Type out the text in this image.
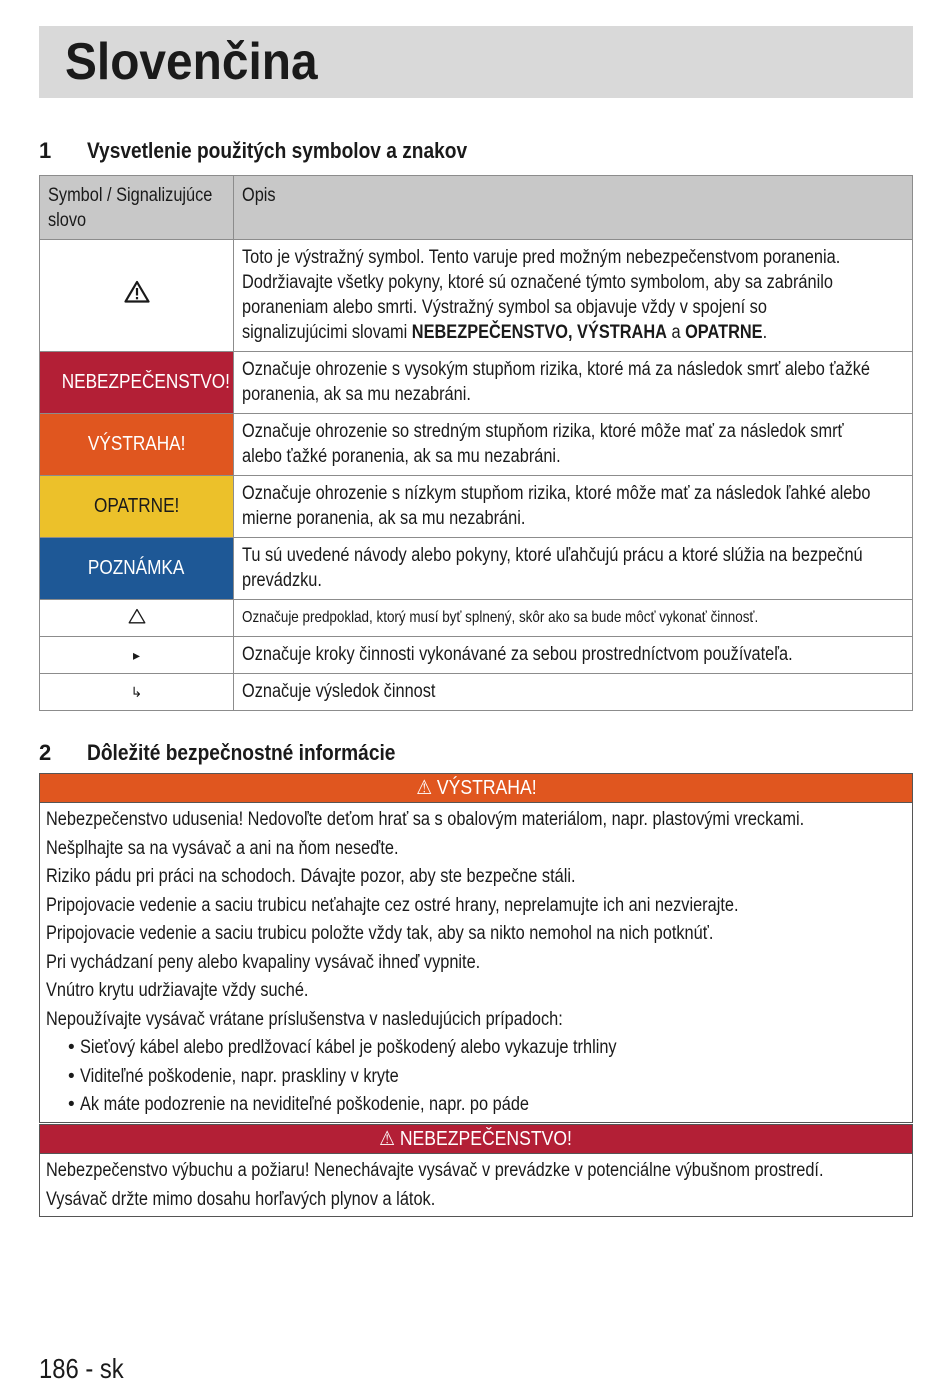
Slovenčina
1 Vysvetlenie použitých symbolov a znakov
Symbol / Signalizujúce slovo	Opis

Toto je výstražný symbol. Tento varuje pred možným nebezpečenstvom poranenia. Dodržiavajte všetky pokyny, ktoré sú označené týmto symbolom, aby sa zabránilo poraneniam alebo smrti. Výstražný symbol sa objavuje vždy v spojení so signalizujúcimi slovami NEBEZPEČENSTVO, VÝSTRAHA a OPATRNE.

NEBEZPEČENSTVO!	Označuje ohrozenie s vysokým stupňom rizika, ktoré má za následok smrť alebo ťažké poranenia, ak sa mu nezabráni.

VÝSTRAHA!	Označuje ohrozenie so stredným stupňom rizika, ktoré môže mať za následok smrť alebo ťažké poranenia, ak sa mu nezabráni.

OPATRNE!	Označuje ohrozenie s nízkym stupňom rizika, ktoré môže mať za následok ľahké alebo mierne poranenia, ak sa mu nezabráni.

POZNÁMKA	Tu sú uvedené návody alebo pokyny, ktoré uľahčujú prácu a ktoré slúžia na bezpečnú prevádzku.

Označuje predpoklad, ktorý musí byť splnený, skôr ako sa bude môcť vykonať činnosť.

▸	Označuje kroky činnosti vykonávané za sebou prostredníctvom používateľa.

↳	Označuje výsledok činnost
2 Dôležité bezpečnostné informácie
⚠ VÝSTRAHA!
Nebezpečenstvo udusenia! Nedovoľte deťom hrať sa s obalovým materiálom, napr. plastovými vreckami.
Nešplhajte sa na vysávač a ani na ňom neseďte.
Riziko pádu pri práci na schodoch. Dávajte pozor, aby ste bezpečne stáli.
Pripojovacie vedenie a saciu trubicu neťahajte cez ostré hrany, neprelamujte ich ani nezvierajte.
Pripojovacie vedenie a saciu trubicu položte vždy tak, aby sa nikto nemohol na nich potknúť.
Pri vychádzaní peny alebo kvapaliny vysávač ihneď vypnite.
Vnútro krytu udržiavajte vždy suché.
Nepoužívajte vysávač vrátane príslušenstva v nasledujúcich prípadoch:
• Sieťový kábel alebo predlžovací kábel je poškodený alebo vykazuje trhliny
• Viditeľné poškodenie, napr. praskliny v kryte
• Ak máte podozrenie na neviditeľné poškodenie, napr. po páde
⚠ NEBEZPEČENSTVO!
Nebezpečenstvo výbuchu a požiaru! Nenechávajte vysávač v prevádzke v potenciálne výbušnom prostredí.
Vysávač držte mimo dosahu horľavých plynov a látok.
186 - sk
